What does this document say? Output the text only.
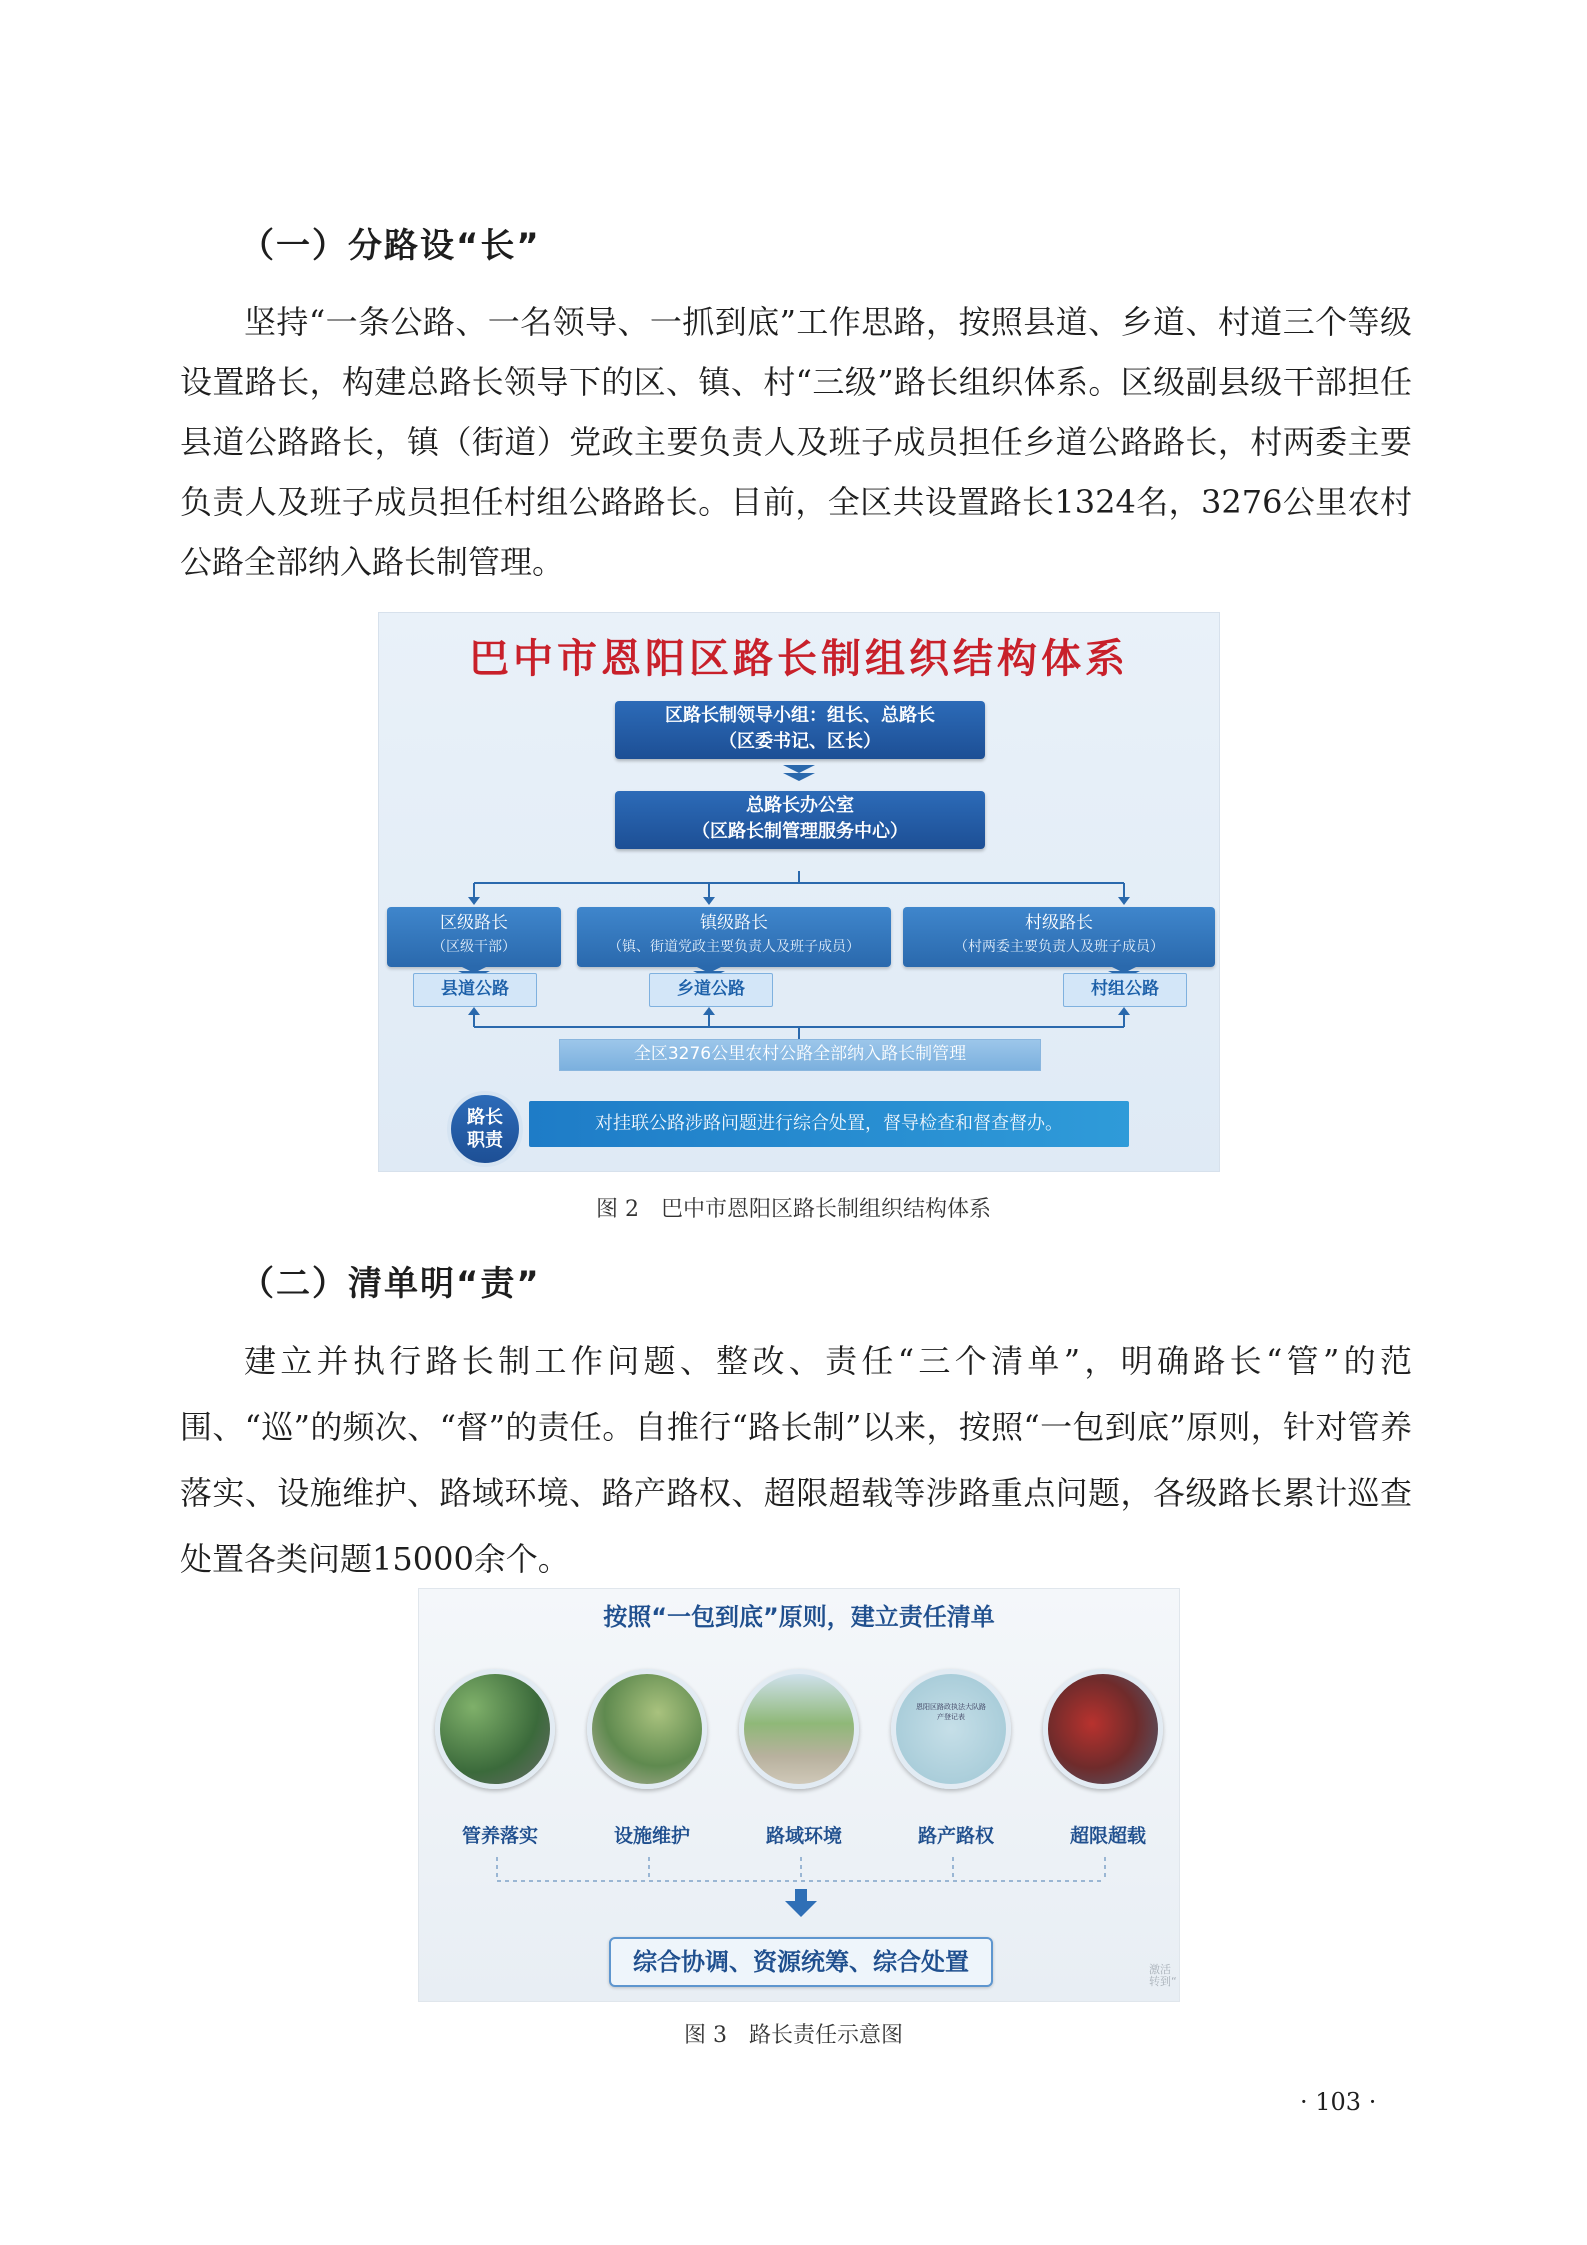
（一）分路设“长”

坚持“一条公路、一名领导、一抓到底”工作思路，按照县道、乡道、村道三个等级设置路长，构建总路长领导下的区、镇、村“三级”路长组织体系。区级副县级干部担任县道公路路长，镇（街道）党政主要负责人及班子成员担任乡道公路路长，村两委主要负责人及班子成员担任村组公路路长。目前，全区共设置路长1324名，3276公里农村公路全部纳入路长制管理。

巴中市恩阳区路长制组织结构体系
区路长制领导小组：组长、总路长
（区委书记、区长）
总路长办公室
（区路长制管理服务中心）
区级路长
（区级干部）
镇级路长
（镇、街道党政主要负责人及班子成员）
村级路长
（村两委主要负责人及班子成员）
县道公路	乡道公路	村组公路
全区3276公里农村公路全部纳入路长制管理
路长
职责
对挂联公路涉路问题进行综合处置，督导检查和督查督办。
图 2　巴中市恩阳区路长制组织结构体系
（二）清单明“责”

建立并执行路长制工作问题、整改、责任“三个清单”，明确路长“管”的范围、“巡”的频次、“督”的责任。自推行“路长制”以来，按照“一包到底”原则，针对管养落实、设施维护、路域环境、路产路权、超限超载等涉路重点问题，各级路长累计巡查处置各类问题15000余个。

按照“一包到底”原则，建立责任清单
恩阳区路政执法大队路产登记表
管养落实	设施维护	路域环境	路产路权	超限超载
综合协调、资源统筹、综合处置	激活
转到“
图 3　路长责任示意图
· 103 ·
